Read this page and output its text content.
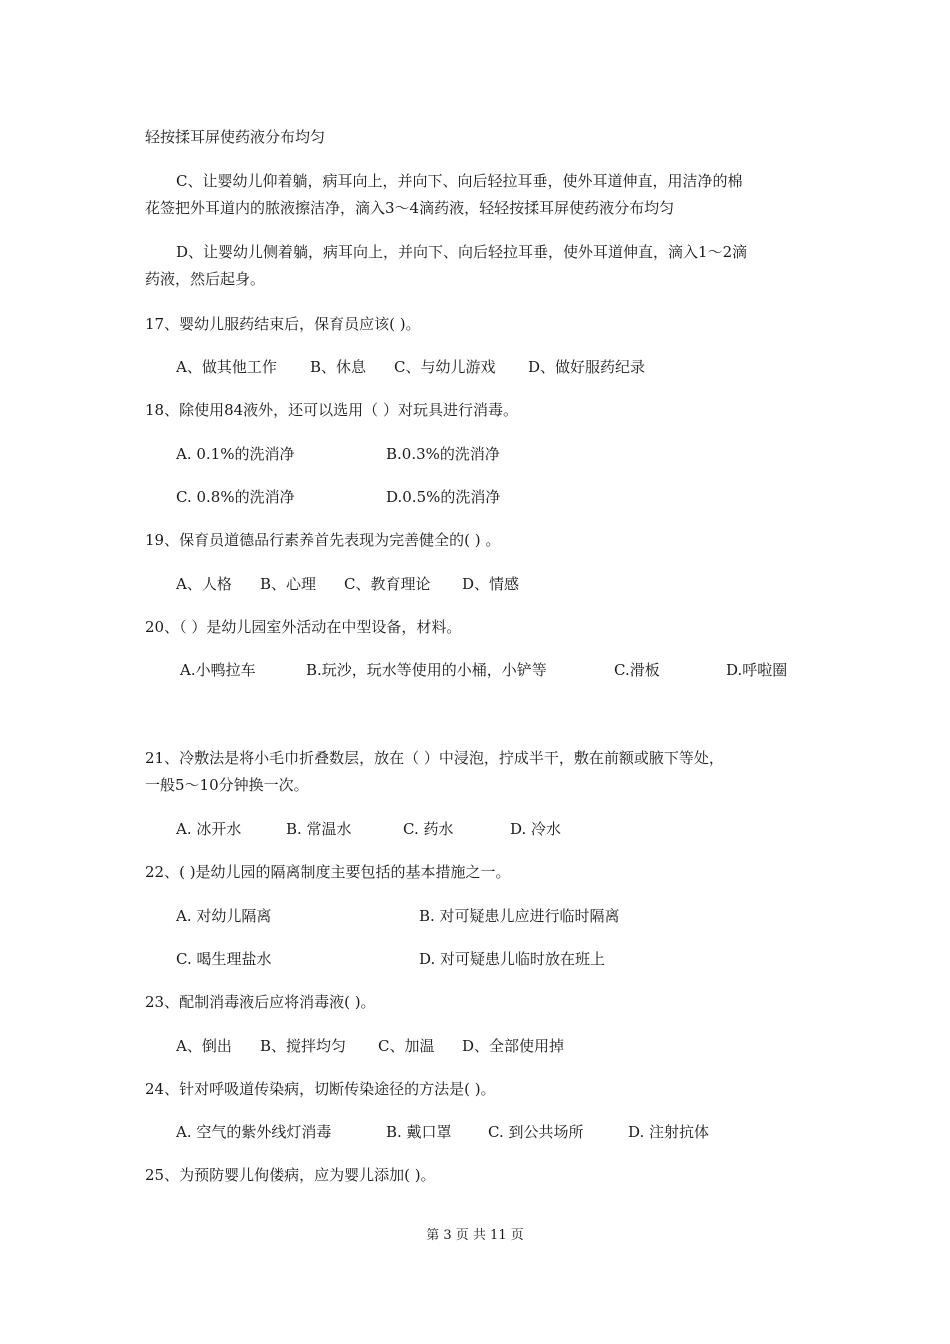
轻按揉耳屏使药液分布均匀
C、让婴幼儿仰着躺，病耳向上，并向下、向后轻拉耳垂，使外耳道伸直，用洁净的棉
花签把外耳道内的脓液擦洁净，滴入3～4滴药液，轻轻按揉耳屏使药液分布均匀
D、让婴幼儿侧着躺，病耳向上，并向下、向后轻拉耳垂，使外耳道伸直，滴入1～2滴
药液，然后起身。
17、婴幼儿服药结束后，保育员应该( )。
A、做其他工作 B、休息 C、与幼儿游戏 D、做好服药纪录
18、除使用84液外，还可以选用（ ）对玩具进行消毒。
A. 0.1%的洗消净	B.0.3%的洗消净
C. 0.8%的洗消净	D.0.5%的洗消净
19、保育员道德品行素养首先表现为完善健全的( ) 。
A、人格 B、心理 C、教育理论 D、情感
20、（ ）是幼儿园室外活动在中型设备，材料。
A.小鸭拉车	B.玩沙，玩水等使用的小桶，小铲等	C.滑板	D.呼啦圈
21、冷敷法是将小毛巾折叠数层，放在（ ）中浸泡，拧成半干，敷在前额或腋下等处，
一般5～10分钟换一次。
A. 冰开水	B. 常温水	C. 药水	D. 冷水
22、( )是幼儿园的隔离制度主要包括的基本措施之一。
A. 对幼儿隔离	B. 对可疑患儿应进行临时隔离
C. 喝生理盐水	D. 对可疑患儿临时放在班上
23、配制消毒液后应将消毒液( )。
A、倒出 B、搅拌均匀 C、加温 D、全部使用掉
24、针对呼吸道传染病，切断传染途径的方法是( )。
A. 空气的紫外线灯消毒	B. 戴口罩 C. 到公共场所	D. 注射抗体
25、为预防婴儿佝偻病，应为婴儿添加( )。
第 3 页 共 11 页
